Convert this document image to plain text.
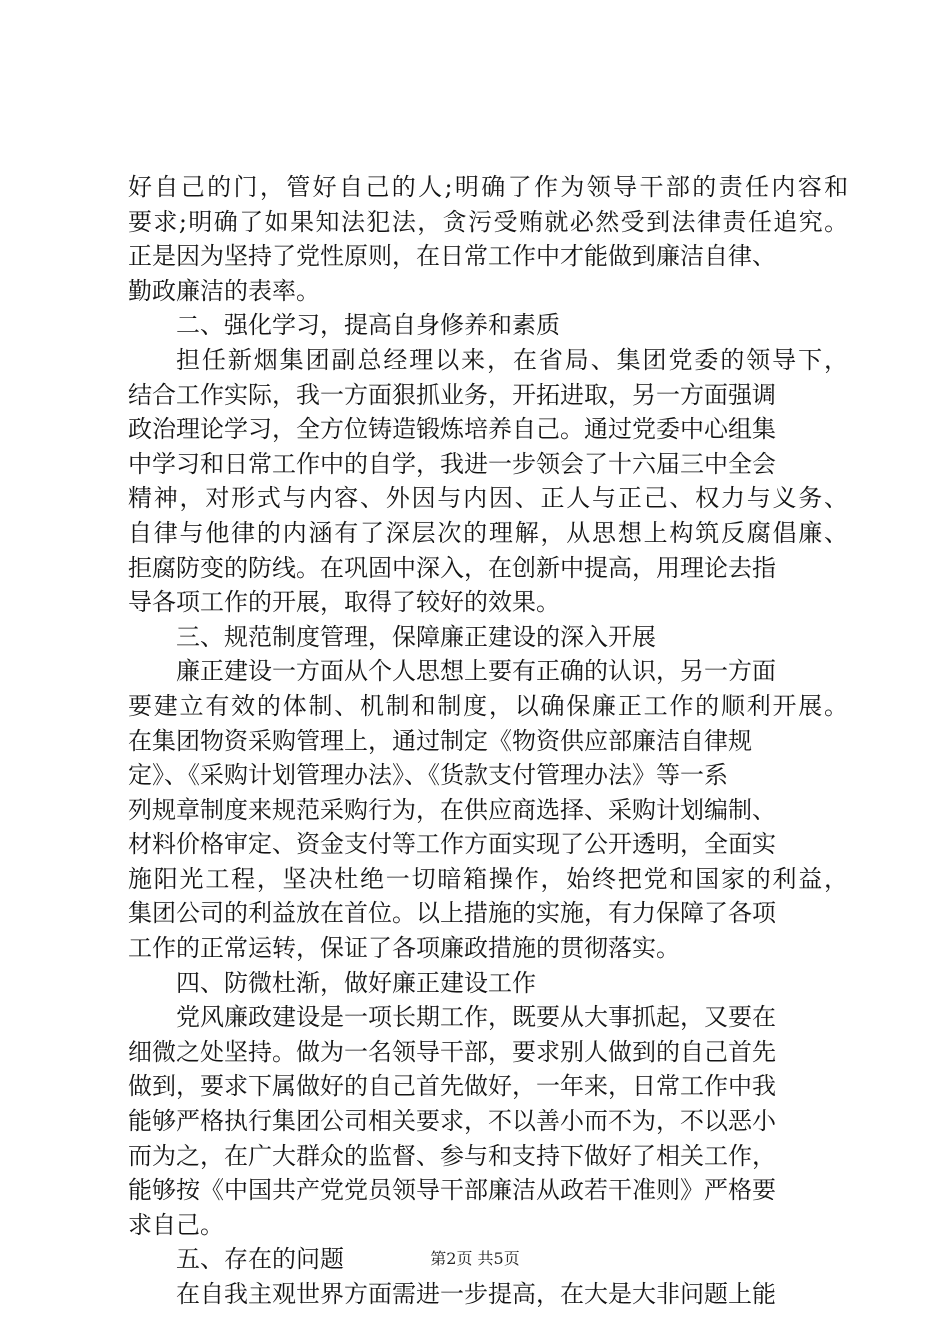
好自己的门，管好自己的人;明确了作为领导干部的责任内容和
要求;明确了如果知法犯法，贪污受贿就必然受到法律责任追究。
正是因为坚持了党性原则，在日常工作中才能做到廉洁自律、
勤政廉洁的表率。
二、强化学习，提高自身修养和素质
担任新烟集团副总经理以来，在省局、集团党委的领导下，
结合工作实际，我一方面狠抓业务，开拓进取，另一方面强调
政治理论学习，全方位铸造锻炼培养自己。通过党委中心组集
中学习和日常工作中的自学，我进一步领会了十六届三中全会
精神，对形式与内容、外因与内因、正人与正己、权力与义务、
自律与他律的内涵有了深层次的理解，从思想上构筑反腐倡廉、
拒腐防变的防线。在巩固中深入，在创新中提高，用理论去指
导各项工作的开展，取得了较好的效果。
三、规范制度管理，保障廉正建设的深入开展
廉正建设一方面从个人思想上要有正确的认识，另一方面
要建立有效的体制、机制和制度，以确保廉正工作的顺利开展。
在集团物资采购管理上，通过制定《物资供应部廉洁自律规
定》、《采购计划管理办法》、《货款支付管理办法》等一系
列规章制度来规范采购行为，在供应商选择、采购计划编制、
材料价格审定、资金支付等工作方面实现了公开透明，全面实
施阳光工程，坚决杜绝一切暗箱操作，始终把党和国家的利益，
集团公司的利益放在首位。以上措施的实施，有力保障了各项
工作的正常运转，保证了各项廉政措施的贯彻落实。
四、防微杜渐，做好廉正建设工作
党风廉政建设是一项长期工作，既要从大事抓起，又要在
细微之处坚持。做为一名领导干部，要求别人做到的自己首先
做到，要求下属做好的自己首先做好，一年来，日常工作中我
能够严格执行集团公司相关要求，不以善小而不为，不以恶小
而为之，在广大群众的监督、参与和支持下做好了相关工作，
能够按《中国共产党党员领导干部廉洁从政若干准则》严格要
求自己。
五、存在的问题
在自我主观世界方面需进一步提高，在大是大非问题上能
第2页 共5页
